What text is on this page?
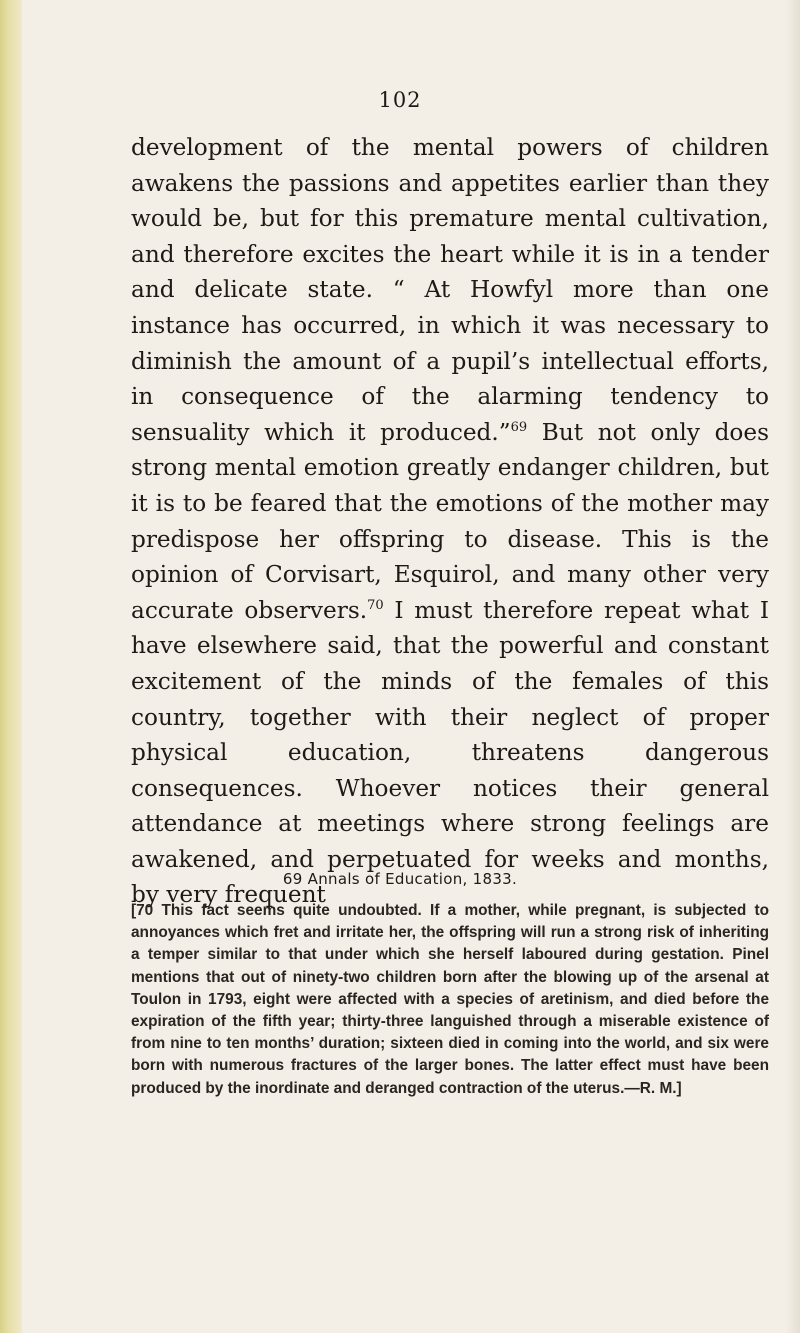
102

development of the mental powers of children awakens the passions and appetites earlier than they would be, but for this premature mental cultivation, and therefore excites the heart while it is in a tender and delicate state. “ At Howfyl more than one instance has occurred, in which it was necessary to diminish the amount of a pupil’s intellectual efforts, in consequence of the alarming tendency to sensuality which it produced.”$^{69}$ But not only does strong mental emotion greatly endanger children, but it is to be feared that the emotions of the mother may predispose her offspring to disease. This is the opinion of Corvisart, Esquirol, and many other very accurate observers.$^{70}$ I must therefore repeat what I have elsewhere said, that the powerful and constant excitement of the minds of the females of this country, together with their neglect of proper physical education, threatens dangerous consequences. Whoever notices their general attendance at meetings where strong feelings are awakened, and perpetuated for weeks and months, by very frequent

69 Annals of Education, 1833.

[70 This fact seems quite undoubted. If a mother, while pregnant, is subjected to annoyances which fret and irritate her, the offspring will run a strong risk of inheriting a temper similar to that under which she herself laboured during gestation. Pinel mentions that out of ninety-two children born after the blowing up of the arsenal at Toulon in 1793, eight were affected with a species of aretinism, and died before the expiration of the fifth year; thirty-three languished through a miserable existence of from nine to ten months’ duration; sixteen died in coming into the world, and six were born with numerous fractures of the larger bones. The latter effect must have been produced by the inordinate and deranged contraction of the uterus.—R. M.]
